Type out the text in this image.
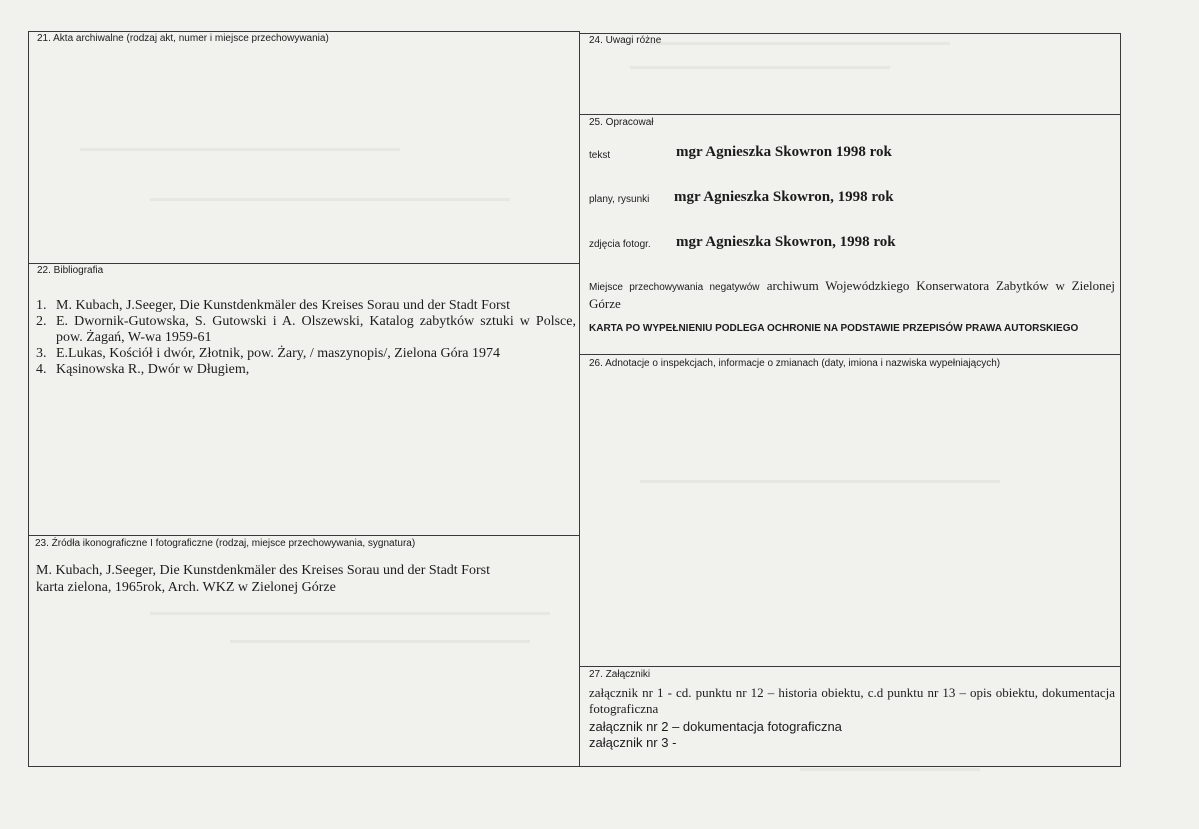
21. Akta archiwalne (rodzaj akt, numer i miejsce przechowywania)
22. Bibliografia
1. M. Kubach, J.Seeger, Die Kunstdenkmäler des Kreises Sorau und der Stadt Forst
2. E. Dwornik-Gutowska, S. Gutowski i A. Olszewski, Katalog zabytków sztuki w Polsce, pow. Żagań, W-wa 1959-61
3. E.Lukas, Kościół i dwór, Złotnik, pow. Żary, / maszynopis/, Zielona Góra 1974
4. Kąsinowska R., Dwór w Długiem,
23. Źródła ikonograficzne I fotograficzne (rodzaj, miejsce przechowywania, sygnatura)
M. Kubach, J.Seeger, Die Kunstdenkmäler des Kreises Sorau und der Stadt Forst
karta zielona, 1965rok, Arch. WKZ w Zielonej Górze
24. Uwagi różne
25. Opracował
tekst	mgr Agnieszka Skowron 1998 rok
plany, rysunki mgr Agnieszka Skowron, 1998 rok
zdjęcia fotogr. mgr Agnieszka Skowron, 1998 rok
Miejsce przechowywania negatywów archiwum Wojewódzkiego Konserwatora Zabytków w Zielonej Górze
KARTA PO WYPEŁNIENIU PODLEGA OCHRONIE NA PODSTAWIE PRZEPISÓW PRAWA AUTORSKIEGO
26. Adnotacje o inspekcjach, informacje o zmianach (daty, imiona i nazwiska wypełniających)
27. Załączniki
załącznik nr 1 - cd. punktu nr 12 – historia obiektu, c.d punktu nr 13 – opis obiektu, dokumentacja fotograficzna
załącznik nr 2 – dokumentacja fotograficzna
załącznik nr 3 -
